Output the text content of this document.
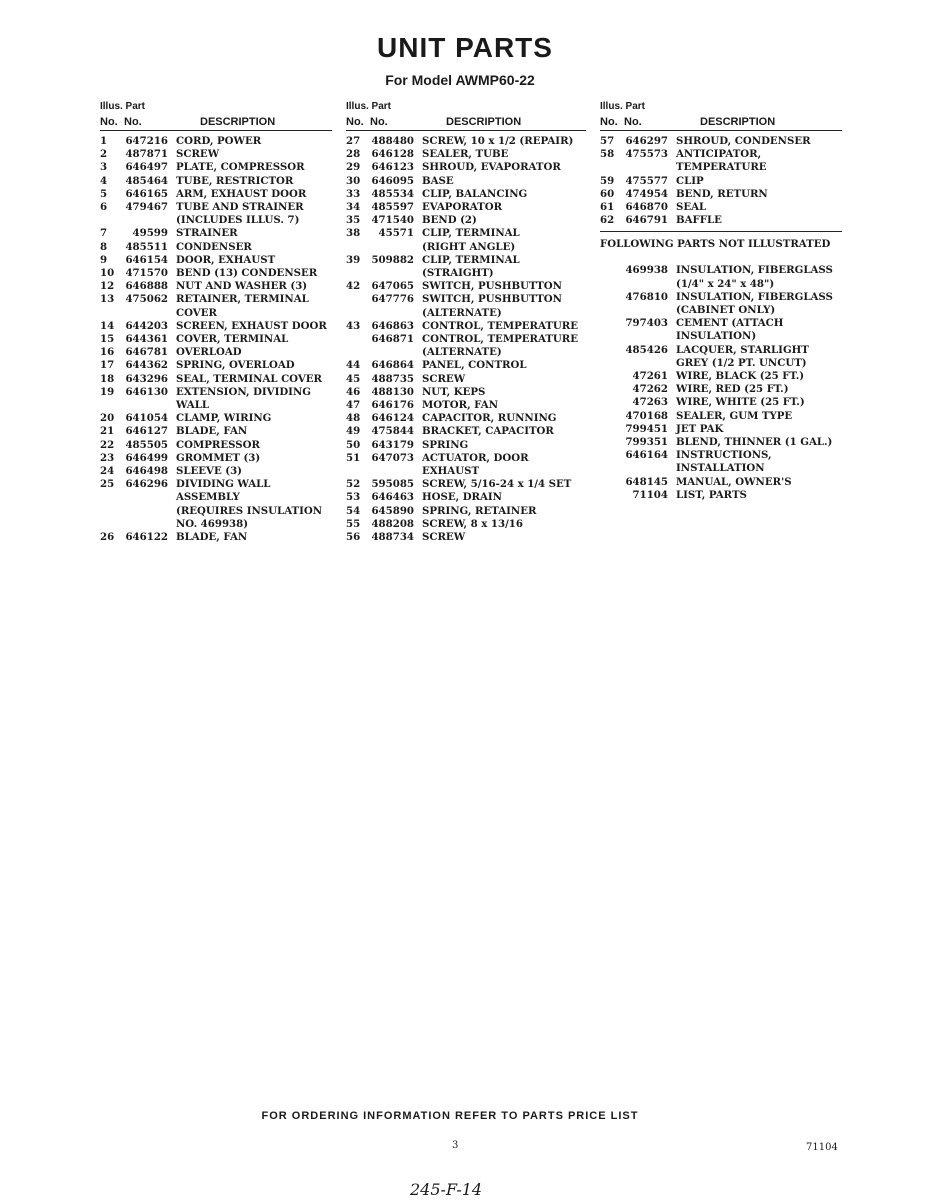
UNIT PARTS
For Model AWMP60-22
Illus. Part
No. No.	DESCRIPTION
1	647216 CORD, POWER
2	487871 SCREW
3	646497 PLATE, COMPRESSOR
4	485464 TUBE, RESTRICTOR
5	646165 ARM, EXHAUST DOOR
6	479467 TUBE AND STRAINER
(INCLUDES ILLUS. 7)
7	49599 STRAINER
8	485511 CONDENSER
9	646154 DOOR, EXHAUST
10	471570 BEND (13) CONDENSER
12	646888 NUT AND WASHER (3)
13	475062 RETAINER, TERMINAL
COVER
14	644203 SCREEN, EXHAUST DOOR
15	644361 COVER, TERMINAL
16	646781 OVERLOAD
17	644362 SPRING, OVERLOAD
18	643296 SEAL, TERMINAL COVER
19	646130 EXTENSION, DIVIDING WALL
20	641054 CLAMP, WIRING
21	646127 BLADE, FAN
22	485505 COMPRESSOR
23	646499 GROMMET (3)
24	646498 SLEEVE (3)
25	646296 DIVIDING WALL ASSEMBLY
(REQUIRES INSULATION
NO. 469938)
26	646122 BLADE, FAN
Illus. Part
No. No.	DESCRIPTION
27	488480 SCREW, 10 x 1/2 (REPAIR)
28	646128 SEALER, TUBE
29	646123 SHROUD, EVAPORATOR
30	646095 BASE
33	485534 CLIP, BALANCING
34	485597 EVAPORATOR
35	471540 BEND (2)
38	45571 CLIP, TERMINAL
(RIGHT ANGLE)
39	509882 CLIP, TERMINAL
(STRAIGHT)
42	647065 SWITCH, PUSHBUTTON
647776 SWITCH, PUSHBUTTON
(ALTERNATE)
43	646863 CONTROL, TEMPERATURE
646871 CONTROL, TEMPERATURE
(ALTERNATE)
44	646864 PANEL, CONTROL
45	488735 SCREW
46	488130 NUT, KEPS
47	646176 MOTOR, FAN
48	646124 CAPACITOR, RUNNING
49	475844 BRACKET, CAPACITOR
50	643179 SPRING
51	647073 ACTUATOR, DOOR
EXHAUST
52	595085 SCREW, 5/16-24 x 1/4 SET
53	646463 HOSE, DRAIN
54	645890 SPRING, RETAINER
55	488208 SCREW, 8 x 13/16
56	488734 SCREW
Illus. Part
No. No.	DESCRIPTION
57	646297 SHROUD, CONDENSER
58	475573 ANTICIPATOR,
TEMPERATURE
59	475577 CLIP
60	474954 BEND, RETURN
61	646870 SEAL
62	646791 BAFFLE
FOLLOWING PARTS NOT ILLUSTRATED
469938 INSULATION, FIBERGLASS
(1/4" x 24" x 48")
476810 INSULATION, FIBERGLASS
(CABINET ONLY)
797403 CEMENT (ATTACH
INSULATION)
485426 LACQUER, STARLIGHT
GREY (1/2 PT. UNCUT)
47261 WIRE, BLACK (25 FT.)
47262 WIRE, RED (25 FT.)
47263 WIRE, WHITE (25 FT.)
470168 SEALER, GUM TYPE
799451 JET PAK
799351 BLEND, THINNER (1 GAL.)
646164 INSTRUCTIONS,
INSTALLATION
648145 MANUAL, OWNER'S
71104 LIST, PARTS
FOR ORDERING INFORMATION REFER TO PARTS PRICE LIST
3	71104
245-F-14
